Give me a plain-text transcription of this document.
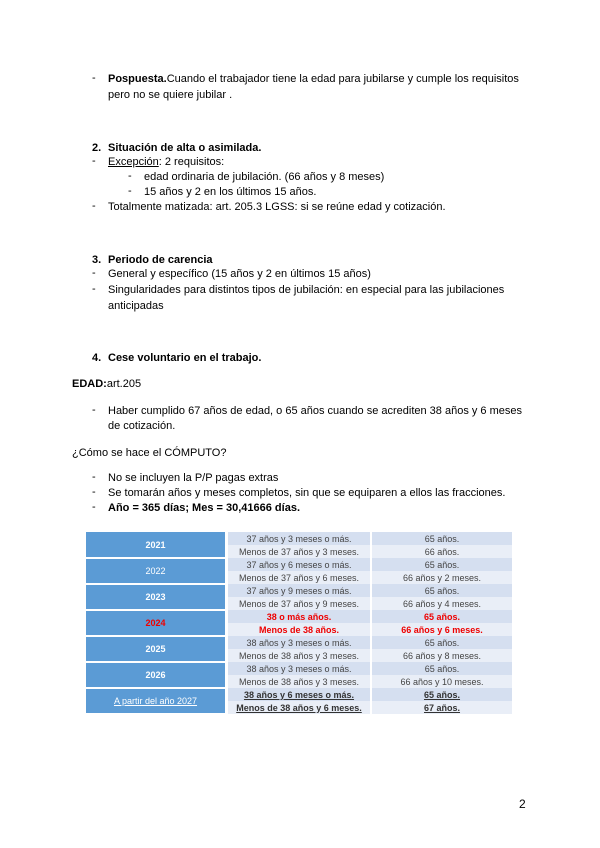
- Pospuesta.Cuando el trabajador tiene la edad para jubilarse y cumple los requisitos
pero no se quiere jubilar .
2. Situación de alta o asimilada.
- Excepción: 2 requisitos:
- edad ordinaria de jubilación. (66 años y 8 meses)
- 15 años y 2 en los últimos 15 años.
- Totalmente matizada: art. 205.3 LGSS: si se reúne edad y cotización.
3. Periodo de carencia
- General y específico (15 años y 2 en últimos 15 años)
- Singularidades para distintos tipos de jubilación: en especial para las jubilaciones
anticipadas
4. Cese voluntario en el trabajo.
EDAD:art.205
- Haber cumplido 67 años de edad, o 65 años cuando se acrediten 38 años y 6 meses
de cotización.
¿Cómo se hace el CÓMPUTO?
- No se incluyen la P/P pagas extras
- Se tomarán años y meses completos, sin que se equiparen a ellos las fracciones.
- Año = 365 días; Mes = 30,41666 días.
2021	37 años y 3 meses o más.	65 años.
	Menos de 37 años y 3 meses.	66 años.
2022	37 años y 6 meses o más.	65 años.
	Menos de 37 años y 6 meses.	66 años y 2 meses.
2023	37 años y 9 meses o más.	65 años.
	Menos de 37 años y 9 meses.	66 años y 4 meses.
2024	38 o más años.	65 años.
	Menos de 38 años.	66 años y 6 meses.
2025	38 años y 3 meses o más.	65 años.
	Menos de 38 años y 3 meses.	66 años y 8 meses.
2026	38 años y 3 meses o más.	65 años.
	Menos de 38 años y 3 meses.	66 años y 10 meses.
A partir del año 2027	38 años y 6 meses o más.	65 años.
	Menos de 38 años y 6 meses.	67 años.
2
